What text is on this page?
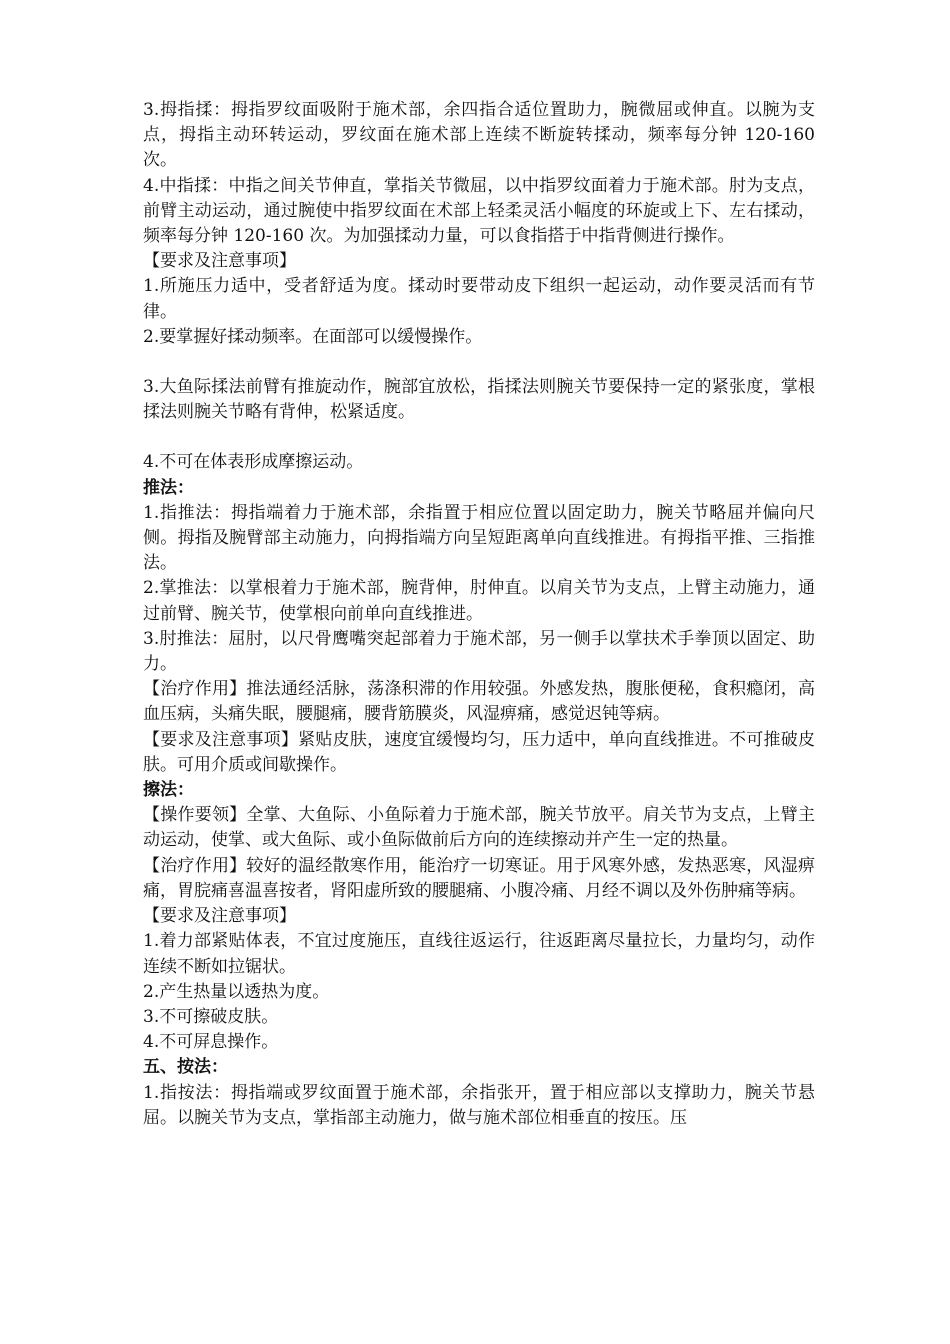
3.拇指揉：拇指罗纹面吸附于施术部，余四指合适位置助力，腕微屈或伸直。以腕为支点，拇指主动环转运动，罗纹面在施术部上连续不断旋转揉动，频率每分钟 120-160 次。

4.中指揉：中指之间关节伸直，掌指关节微屈，以中指罗纹面着力于施术部。肘为支点，前臂主动运动，通过腕使中指罗纹面在术部上轻柔灵活小幅度的环旋或上下、左右揉动，频率每分钟 120-160 次。为加强揉动力量，可以食指搭于中指背侧进行操作。

【要求及注意事项】

1.所施压力适中，受者舒适为度。揉动时要带动皮下组织一起运动，动作要灵活而有节律。

2.要掌握好揉动频率。在面部可以缓慢操作。

3.大鱼际揉法前臂有推旋动作，腕部宜放松，指揉法则腕关节要保持一定的紧张度，掌根揉法则腕关节略有背伸，松紧适度。

4.不可在体表形成摩擦运动。

推法：

1.指推法：拇指端着力于施术部，余指置于相应位置以固定助力，腕关节略屈并偏向尺侧。拇指及腕臂部主动施力，向拇指端方向呈短距离单向直线推进。有拇指平推、三指推法。

2.掌推法：以掌根着力于施术部，腕背伸，肘伸直。以肩关节为支点，上臂主动施力，通过前臂、腕关节，使掌根向前单向直线推进。

3.肘推法：屈肘，以尺骨鹰嘴突起部着力于施术部，另一侧手以掌扶术手拳顶以固定、助力。

【治疗作用】推法通经活脉，荡涤积滞的作用较强。外感发热，腹胀便秘，食积瘾闭，高血压病，头痛失眠，腰腿痛，腰背筋膜炎，风湿痹痛，感觉迟钝等病。

【要求及注意事项】紧贴皮肤，速度宜缓慢均匀，压力适中，单向直线推进。不可推破皮肤。可用介质或间歇操作。

擦法：

【操作要领】全掌、大鱼际、小鱼际着力于施术部，腕关节放平。肩关节为支点，上臂主动运动，使掌、或大鱼际、或小鱼际做前后方向的连续擦动并产生一定的热量。

【治疗作用】较好的温经散寒作用，能治疗一切寒证。用于风寒外感，发热恶寒，风湿痹痛，胃脘痛喜温喜按者，肾阳虚所致的腰腿痛、小腹冷痛、月经不调以及外伤肿痛等病。

【要求及注意事项】

1.着力部紧贴体表，不宜过度施压，直线往返运行，往返距离尽量拉长，力量均匀，动作连续不断如拉锯状。

2.产生热量以透热为度。

3.不可擦破皮肤。

4.不可屏息操作。

五、按法：

1.指按法：拇指端或罗纹面置于施术部，余指张开，置于相应部以支撑助力，腕关节悬屈。以腕关节为支点，掌指部主动施力，做与施术部位相垂直的按压。压
